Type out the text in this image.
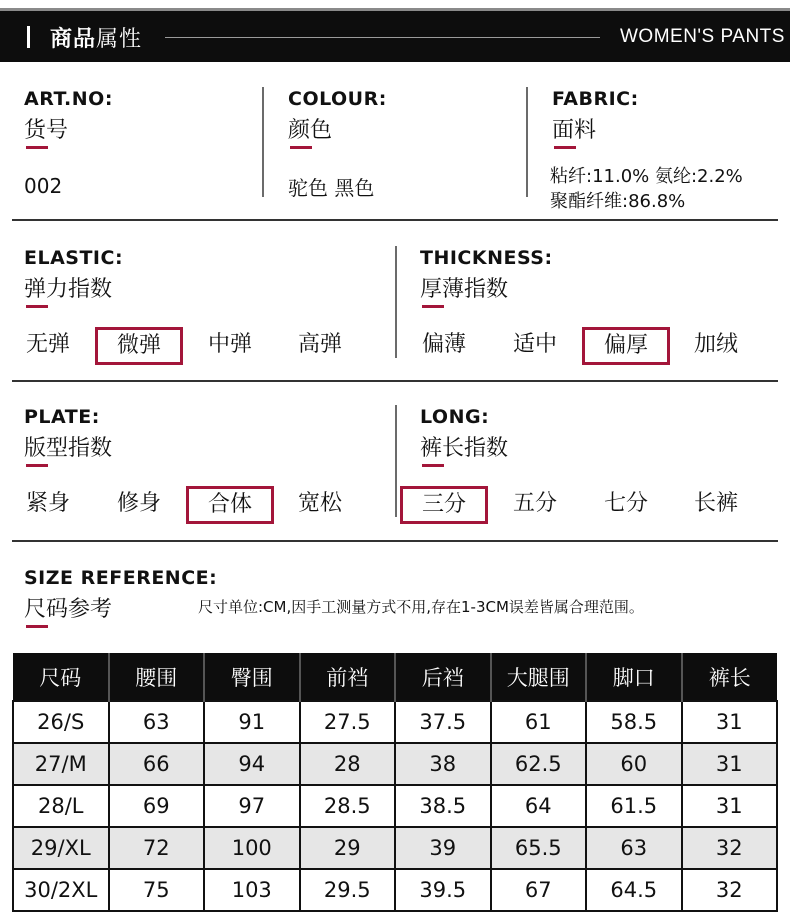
商品属性	WOMEN'S PANTS
ART.NO:
货号
002
COLOUR:
颜色
驼色 黑色
FABRIC:
面料
粘纤:11.0% 氨纶:2.2%
聚酯纤维:86.8%
ELASTIC:
弹力指数
无弹	微弹	中弹	高弹
THICKNESS:
厚薄指数
偏薄	适中	偏厚	加绒
PLATE:
版型指数
紧身	修身	合体	宽松
LONG:
裤长指数
三分	五分	七分	长裤
SIZE REFERENCE:
尺码参考	尺寸单位:CM,因手工测量方式不用,存在1-3CM误差皆属合理范围。
尺码	腰围	臀围	前裆	后裆	大腿围	脚口	裤长
26/S	63	91	27.5	37.5	61	58.5	31
27/M	66	94	28	38	62.5	60	31
28/L	69	97	28.5	38.5	64	61.5	31
29/XL	72	100	29	39	65.5	63	32
30/2XL	75	103	29.5	39.5	67	64.5	32
